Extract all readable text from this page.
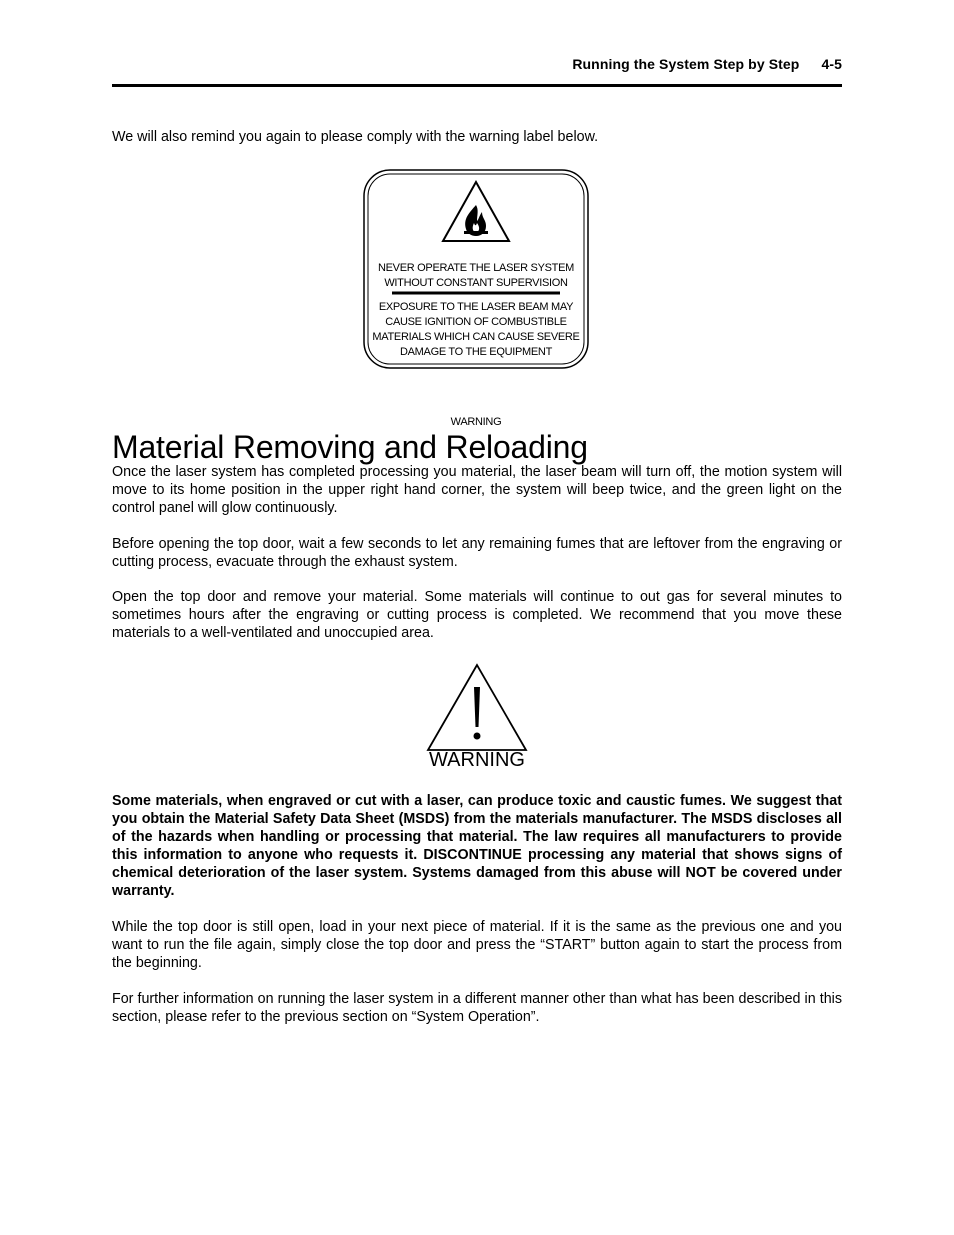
Running the System Step by Step 4-5
We will also remind you again to please comply with the warning label below.
WARNING
NEVER OPERATE THE LASER SYSTEM
WITHOUT CONSTANT SUPERVISION
EXPOSURE TO THE LASER BEAM MAY
CAUSE IGNITION OF COMBUSTIBLE
MATERIALS WHICH CAN CAUSE SEVERE
DAMAGE TO THE EQUIPMENT
Material Removing and Reloading
Once the laser system has completed processing you material, the laser beam will turn off, the motion system will move to its home position in the upper right hand corner, the system will beep twice, and the green light on the control panel will glow continuously.
Before opening the top door, wait a few seconds to let any remaining fumes that are leftover from the engraving or cutting process, evacuate through the exhaust system.
Open the top door and remove your material. Some materials will continue to out gas for several minutes to sometimes hours after the engraving or cutting process is completed. We recommend that you move these materials to a well-ventilated and unoccupied area.
WARNING
Some materials, when engraved or cut with a laser, can produce toxic and caustic fumes. We suggest that you obtain the Material Safety Data Sheet (MSDS) from the materials manufacturer. The MSDS discloses all of the hazards when handling or processing that material. The law requires all manufacturers to provide this information to anyone who requests it. DISCONTINUE processing any material that shows signs of chemical deterioration of the laser system. Systems damaged from this abuse will NOT be covered under warranty.
While the top door is still open, load in your next piece of material. If it is the same as the previous one and you want to run the file again, simply close the top door and press the “START” button again to start the process from the beginning.
For further information on running the laser system in a different manner other than what has been described in this section, please refer to the previous section on “System Operation”.
